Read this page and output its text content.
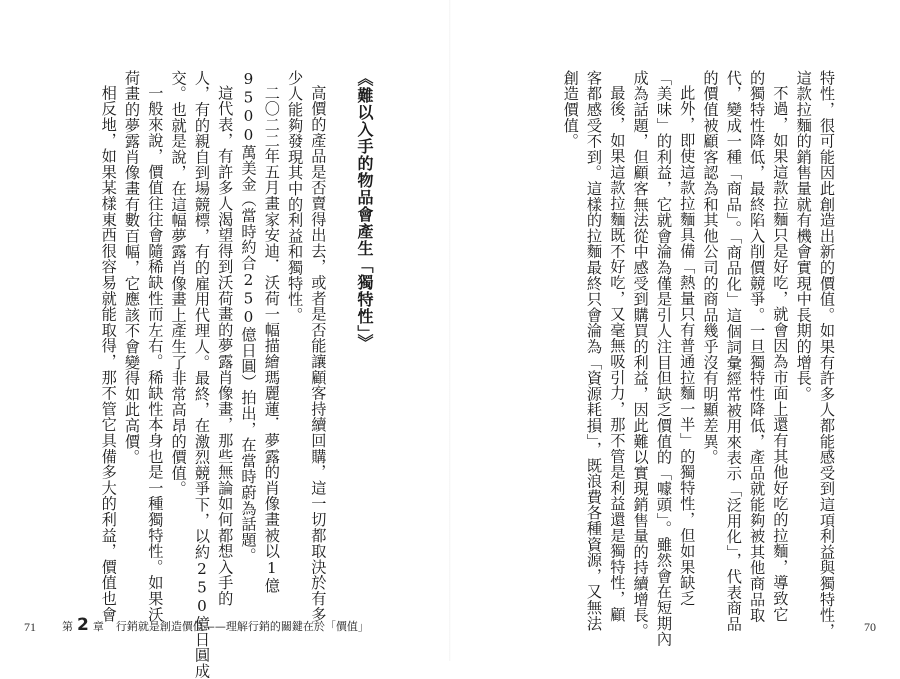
《難以入手的物品會產生「獨特性」》

高價的產品是否賣得出去，或者是否能讓顧客持續回購，這一切都取決於有多

少人能夠發現其中的利益和獨特性。

二〇二二年五月畫家安迪．沃荷一幅描繪瑪麗蓮．夢露的肖像畫被以1億

9500萬美金（當時約合250億日圓）拍出，在當時蔚為話題。

這代表，有許多人渴望得到沃荷畫的夢露肖像畫，那些無論如何都想入手的

人，有的親自到場競標，有的雇用代理人。最終，在激烈競爭下，以約250億日圓成

交。也就是說，在這幅夢露肖像畫上產生了非常高昂的價值。

一般來說，價值往往會隨稀缺性而左右。稀缺性本身也是一種獨特性。如果沃

荷畫的夢露肖像畫有數百幅，它應該不會變得如此高價。

相反地，如果某樣東西很容易就能取得，那不管它具備多大的利益，價值也會

71 第 2 章 行銷就是創造價值——理解行銷的關鍵在於「價值」	特性，很可能因此創造出新的價值。如果有許多人都能感受到這項利益與獨特性，

這款拉麵的銷售量就有機會實現中長期的增長。

不過，如果這款拉麵只是好吃，就會因為市面上還有其他好吃的拉麵，導致它

的獨特性降低，最終陷入削價競爭。一旦獨特性降低，產品就能夠被其他商品取

代，變成一種「商品」。「商品化」這個詞彙經常被用來表示「泛用化」，代表商品

的價值被顧客認為和其他公司的商品幾乎沒有明顯差異。

此外，即使這款拉麵具備「熱量只有普通拉麵一半」的獨特性，但如果缺乏

「美味」的利益，它就會淪為僅是引人注目但缺乏價值的「噱頭」。雖然會在短期內

成為話題，但顧客無法從中感受到購買的利益，因此難以實現銷售量的持續增長。

最後，如果這款拉麵既不好吃，又毫無吸引力，那不管是利益還是獨特性，顧

客都感受不到。這樣的拉麵最終只會淪為「資源耗損」，既浪費各種資源，又無法

創造價值。

70
